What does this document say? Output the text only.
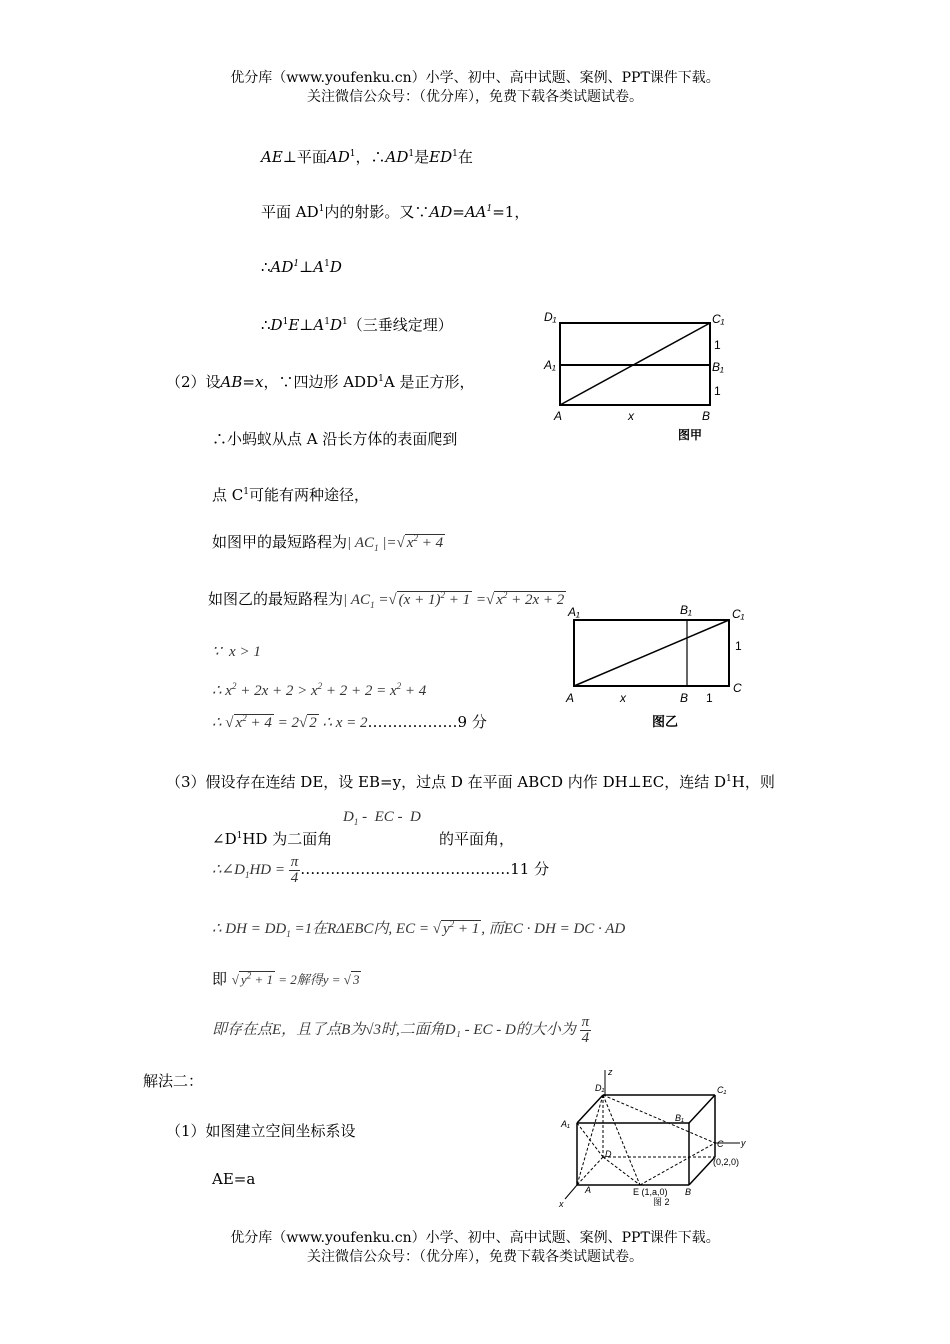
优分库（www.youfenku.cn）小学、初中、高中试题、案例、PPT课件下载。
关注微信公众号：（优分库），免费下载各类试题试卷。
AE⊥平面$AD^1$，$\therefore AD^1$是$ED^1$在
平面 $AD^1$内的射影。又$\because AD=AA^1=1$，
$\therefore AD^1\perp A^1D$
$\therefore D^1E\perp A^1D^1$（三垂线定理）	D₁	C₁
A₁	B₁
A	x	B
1
1
图甲
（2）设AB=x，∵四边形 ADD$^1$A 是正方形，
∴小蚂蚁从点 A 沿长方体的表面爬到
点 $C^1$可能有两种途径，
如图甲的最短路程为| $AC_1$ |=√ $x^2 + 4$
如图乙的最短路程为| $AC_1$ =√ $(x + 1)^2 + 1$ =√ $x^2 + 2x + 2$
A₁	B₁	C₁
1
A	x	B 1
C
图乙
∵  x > 1
∴ $x^2 + 2x + 2 > x^2 + 2 + 2 = x^2 + 4$
∴ √ $x^2 + 4 = 2√$ 2 ∴ x = 2………………9 分
（3）假设存在连结 DE，设 EB=y，过点 D 在平面 ABCD 内作 DH⊥EC，连结 $D^1H$，则
$D_1$ -  EC -  D
$\angle D^1HD$ 为二面角	的平面角，
$\therefore\angle D_1HD = \frac{\pi}{4}$ ……………………………………11 分
∴ DH = $DD_1 =1$在RΔEBC内, EC = √ $y^2 + 1$ , 而EC · DH = DC · AD
即 √ $y^2 + 1 = 2$解得y = √ 3
即存在点E，且了点B为√3时,二面角D₁ - EC - D的大小为 $\frac{\pi}{4}$
解法二：
（1）如图建立空间坐标系设
AE=a
z
D₁	C₁
A₁
B₁
C y
(0,2,0)
D
A
x
E (1,a,0) B
图 2
优分库（www.youfenku.cn）小学、初中、高中试题、案例、PPT课件下载。
关注微信公众号：（优分库），免费下载各类试题试卷。
